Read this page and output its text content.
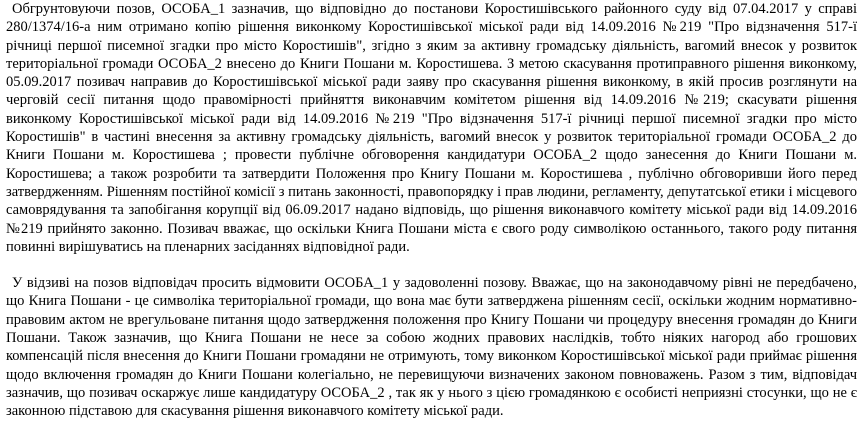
Обгрунтовуючи позов, ОСОБА_1 зазначив, що відповідно до постанови Коростишівського районного суду від 07.04.2017 у справі 280/1374/16-а ним отримано копію рішення виконкому Коростишівської міської ради від 14.09.2016 №219 "Про відзначення 517-ї річниці першої писемної згадки про місто Коростишів", згідно з яким за активну громадську діяльність, вагомий внесок у розвиток територіальної громади ОСОБА_2 внесено до Книги Пошани м. Коростишева. З метою скасування протиправного рішення виконкому, 05.09.2017 позивач направив до Коростишівської міської ради заяву про скасування рішення виконкому, в якій просив розглянути на черговій сесії питання щодо правомірності прийняття виконавчим комітетом рішення від 14.09.2016 №219; скасувати рішення виконкому Коростишівської міської ради від 14.09.2016 №219 "Про відзначення 517-ї річниці першої писемної згадки про місто Коростишів" в частині внесення за активну громадську діяльність, вагомий внесок у розвиток територіальної громади ОСОБА_2 до Книги Пошани м. Коростишева ; провести публічне обговорення кандидатури ОСОБА_2 щодо занесення до Книги Пошани м. Коростишева; а також розробити та затвердити Положення про Книгу Пошани м. Коростишева , публічно обговоривши його перед затвердженням. Рішенням постійної комісії з питань законності, правопорядку і прав людини, регламенту, депутатської етики і місцевого самоврядування та запобігання корупції від 06.09.2017 надано відповідь, що рішення виконавчого комітету міської ради від 14.09.2016 №219 прийнято законно. Позивач вважає, що оскільки Книга Пошани міста є свого роду символікою останнього, такого роду питання повинні вирішуватись на пленарних засіданнях відповідної ради.

У відзиві на позов відповідач просить відмовити ОСОБА_1 у задоволенні позову. Вважає, що на законодавчому рівні не передбачено, що Книга Пошани - це символіка територіальної громади, що вона має бути затверджена рішенням сесії, оскільки жодним нормативно-правовим актом не врегульоване питання щодо затвердження положення про Книгу Пошани чи процедуру внесення громадян до Книги Пошани. Також зазначив, що Книга Пошани не несе за собою жодних правових наслідків, тобто ніяких нагород або грошових компенсацій після внесення до Книги Пошани громадяни не отримують, тому виконком Коростишівської міської ради приймає рішення щодо включення громадян до Книги Пошани колегіально, не перевищуючи визначених законом повноважень. Разом з тим, відповідач зазначив, що позивач оскаржує лише кандидатуру ОСОБА_2 , так як у нього з цією громадянкою є особисті неприязні стосунки, що не є законною підставою для скасування рішення виконавчого комітету міської ради.
